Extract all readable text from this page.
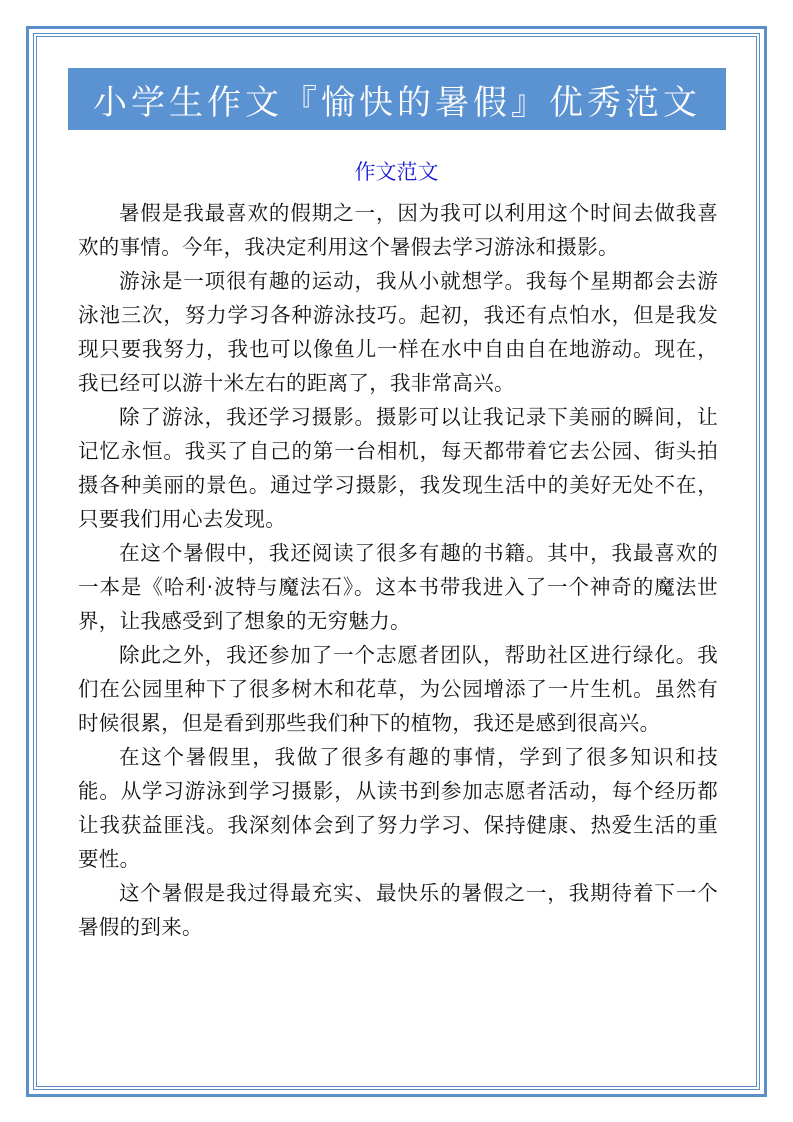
小学生作文『愉快的暑假』优秀范文
作文范文

暑假是我最喜欢的假期之一，因为我可以利用这个时间去做我喜欢的事情。今年，我决定利用这个暑假去学习游泳和摄影。

游泳是一项很有趣的运动，我从小就想学。我每个星期都会去游泳池三次，努力学习各种游泳技巧。起初，我还有点怕水，但是我发现只要我努力，我也可以像鱼儿一样在水中自由自在地游动。现在，我已经可以游十米左右的距离了，我非常高兴。

除了游泳，我还学习摄影。摄影可以让我记录下美丽的瞬间，让记忆永恒。我买了自己的第一台相机，每天都带着它去公园、街头拍摄各种美丽的景色。通过学习摄影，我发现生活中的美好无处不在，只要我们用心去发现。

在这个暑假中，我还阅读了很多有趣的书籍。其中，我最喜欢的一本是《哈利·波特与魔法石》。这本书带我进入了一个神奇的魔法世界，让我感受到了想象的无穷魅力。

除此之外，我还参加了一个志愿者团队，帮助社区进行绿化。我们在公园里种下了很多树木和花草，为公园增添了一片生机。虽然有时候很累，但是看到那些我们种下的植物，我还是感到很高兴。

在这个暑假里，我做了很多有趣的事情，学到了很多知识和技能。从学习游泳到学习摄影，从读书到参加志愿者活动，每个经历都让我获益匪浅。我深刻体会到了努力学习、保持健康、热爱生活的重要性。

这个暑假是我过得最充实、最快乐的暑假之一，我期待着下一个暑假的到来。
